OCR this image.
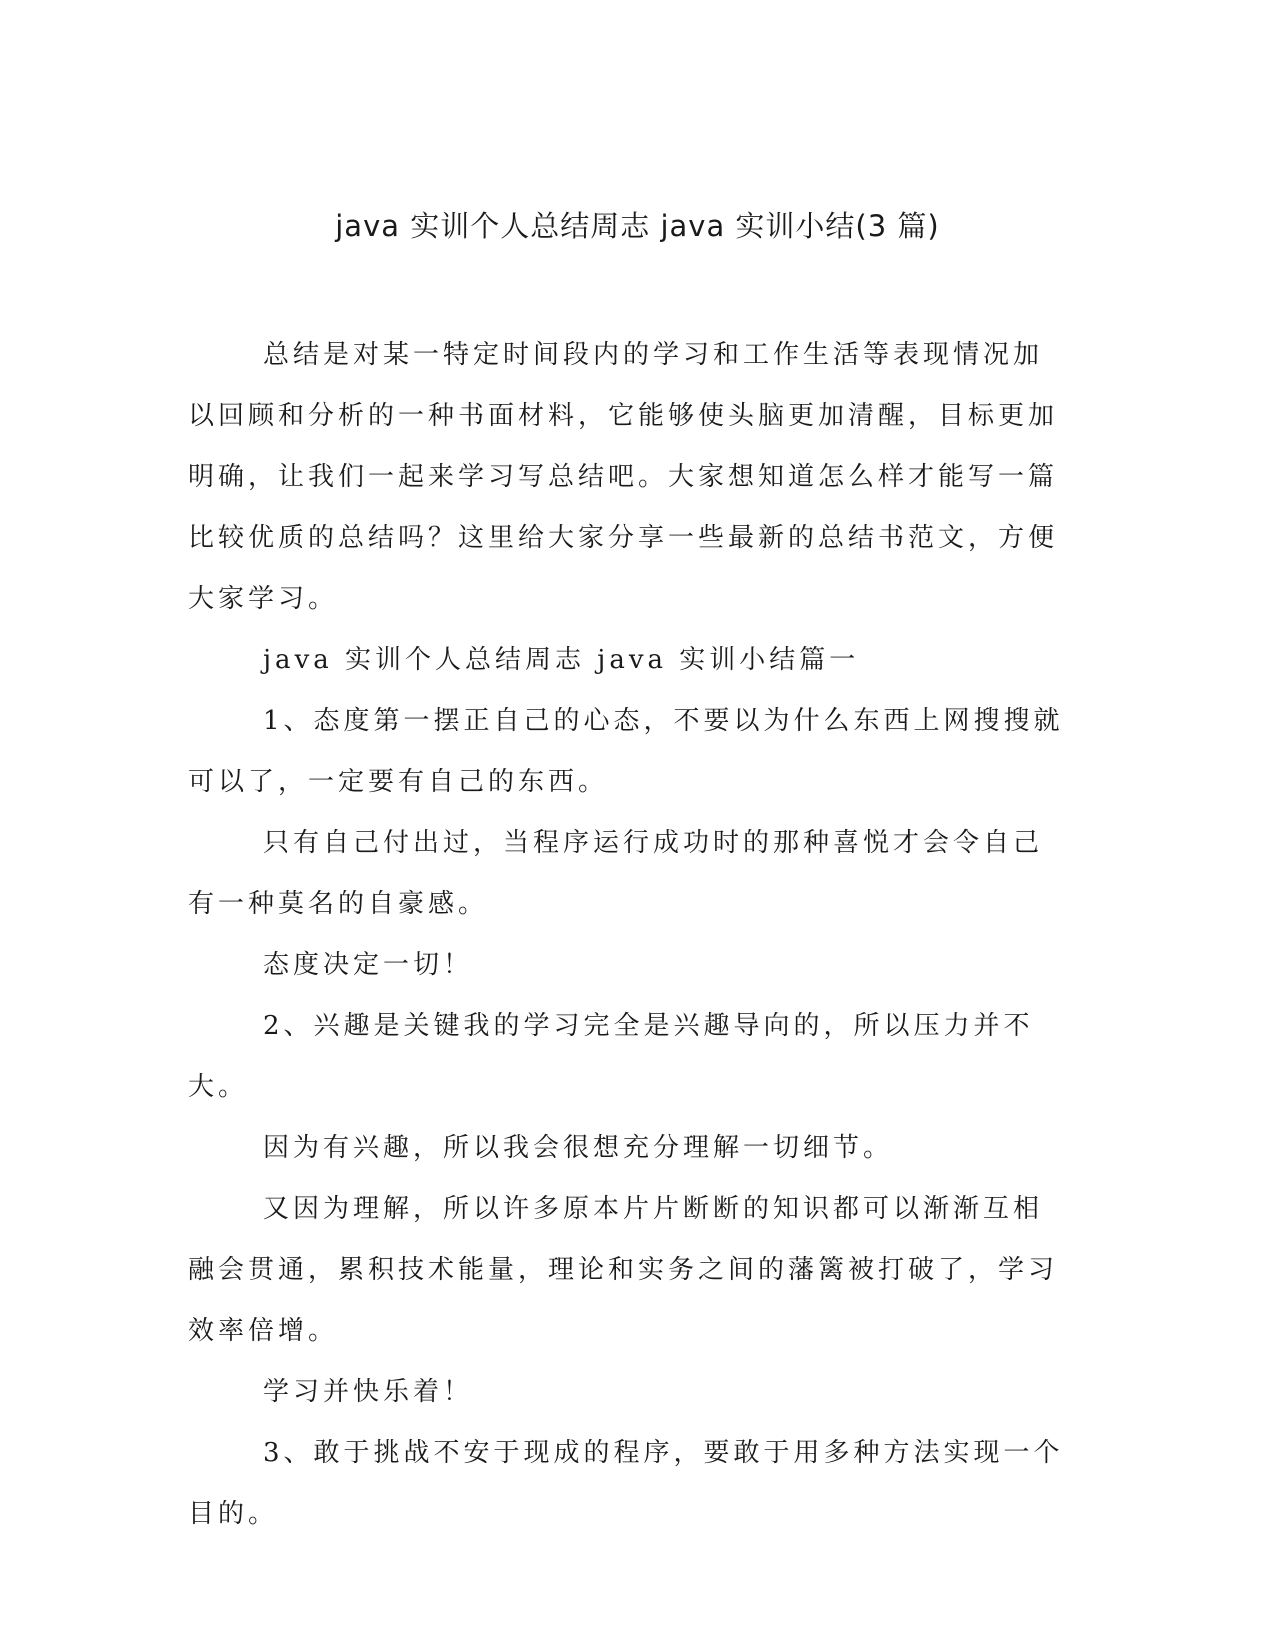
java 实训个人总结周志 java 实训小结(3 篇)

总结是对某一特定时间段内的学习和工作生活等表现情况加以回顾和分析的一种书面材料，它能够使头脑更加清醒，目标更加明确，让我们一起来学习写总结吧。大家想知道怎么样才能写一篇比较优质的总结吗？这里给大家分享一些最新的总结书范文，方便大家学习。

java 实训个人总结周志 java 实训小结篇一

1、态度第一摆正自己的心态，不要以为什么东西上网搜搜就可以了，一定要有自己的东西。

只有自己付出过，当程序运行成功时的那种喜悦才会令自己有一种莫名的自豪感。

态度决定一切！

2、兴趣是关键我的学习完全是兴趣导向的，所以压力并不大。

因为有兴趣，所以我会很想充分理解一切细节。

又因为理解，所以许多原本片片断断的知识都可以渐渐互相融会贯通，累积技术能量，理论和实务之间的藩篱被打破了，学习效率倍增。

学习并快乐着！

3、敢于挑战不安于现成的程序，要敢于用多种方法实现一个目的。
